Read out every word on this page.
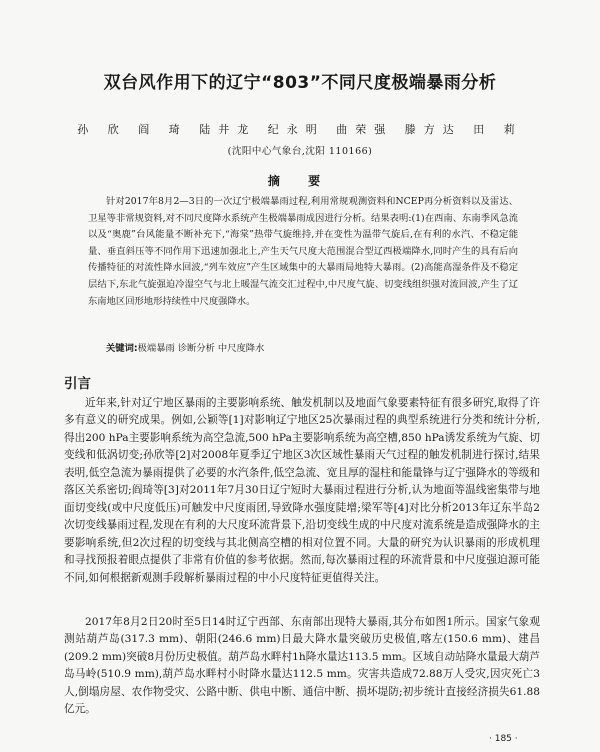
双台风作用下的辽宁“803”不同尺度极端暴雨分析
孙 欣 阎 琦 陆井龙 纪永明 曲荣强 滕方达 田 莉
(沈阳中心气象台,沈阳 110166)
摘 要

针对2017年8月2—3日的一次辽宁极端暴雨过程,利用常规观测资料和NCEP再分析资料以及雷达、卫星等非常规资料,对不同尺度降水系统产生极端暴雨成因进行分析。结果表明:(1)在西南、东南季风急流以及“奥鹿”台风能量不断补充下,“海棠”热带气旋维持,并在变性为温带气旋后,在有利的水汽、不稳定能量、垂直斜压等不同作用下迅速加强北上,产生天气尺度大范围混合型辽西极端降水,同时产生的具有后向传播特征的对流性降水回波,“列车效应”产生区域集中的大暴雨局地特大暴雨。(2)高能高湿条件及不稳定层结下,东北气旋强迫冷湿空气与北上暖湿气流交汇过程中,中尺度气旋、切变线组织强对流回波,产生了辽东南地区回形地形持续性中尺度强降水。

关键词:极端暴雨 诊断分析 中尺度降水

引言

近年来,针对辽宁地区暴雨的主要影响系统、触发机制以及地面气象要素特征有很多研究,取得了许多有意义的研究成果。例如,公颖等[1]对影响辽宁地区25次暴雨过程的典型系统进行分类和统计分析,得出200 hPa主要影响系统为高空急流,500 hPa主要影响系统为高空槽,850 hPa诱发系统为气旋、切变线和低涡切变;孙欣等[2]对2008年夏季辽宁地区3次区域性暴雨天气过程的触发机制进行探讨,结果表明,低空急流为暴雨提供了必要的水汽条件,低空急流、宽且厚的湿柱和能量锋与辽宁强降水的等级和落区关系密切;阎琦等[3]对2011年7月30日辽宁短时大暴雨过程进行分析,认为地面等温线密集带与地面切变线(或中尺度低压)可触发中尺度雨团,导致降水强度陡增;梁军等[4]对比分析2013年辽东半岛2次切变线暴雨过程,发现在有利的大尺度环流背景下,沿切变线生成的中尺度对流系统是造成强降水的主要影响系统,但2次过程的切变线与其北侧高空槽的相对位置不同。大量的研究为认识暴雨的形成机理和寻找预报着眼点提供了非常有价值的参考依据。然而,每次暴雨过程的环流背景和中尺度强迫源可能不同,如何根据新观测手段解析暴雨过程的中小尺度特征更值得关注。

2017年8月2日20时至5日14时辽宁西部、东南部出现特大暴雨,其分布如图1所示。国家气象观测站葫芦岛(317.3 mm)、朝阳(246.6 mm)日最大降水量突破历史极值,喀左(150.6 mm)、建昌(209.2 mm)突破8月份历史极值。葫芦岛水畔村1h降水量达113.5 mm。区域自动站降水量最大葫芦岛马岭(510.9 mm),葫芦岛水畔村小时降水量达112.5 mm。灾害共造成72.88万人受灾,因灾死亡3人,倒塌房屋、农作物受灾、公路中断、供电中断、通信中断、损坏堤防;初步统计直接经济损失61.88亿元。

· 185 ·
